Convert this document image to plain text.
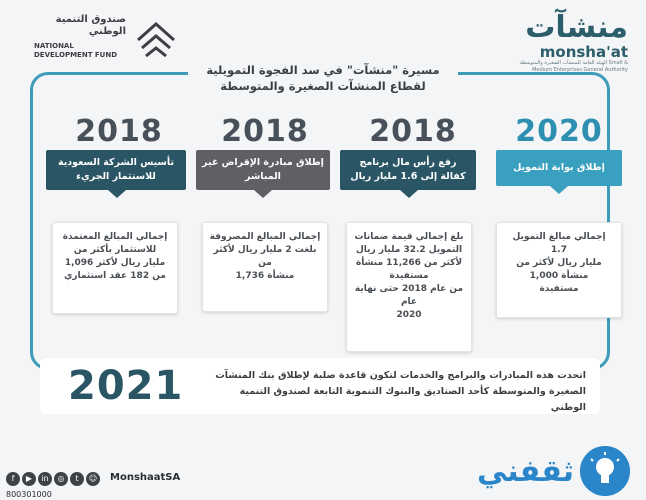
منشآت
monsha'at
الهيئة العامة للمنشآت الصغيرة والمتوسطة Small & Medium Enterprises General Authority
صندوق التنمية الوطني
NATIONAL DEVELOPMENT FUND
مسيرة "منشآت" في سد الفجوة التمويلية
لقطاع المنشآت الصغيرة والمتوسطة
2020
إطلاق بوابة التمويل
إجمالي مبالغ التمويل 1.7
مليار ريال لأكثر من
1,000 منشأة
مستفيدة
2018
رفع رأس مال برنامج كفالة إلى 1.6 مليار ريال
بلغ إجمالي قيمة ضمانات
التمويل 32.2 مليار ريال
لأكثر من 11,266 منشأة
مستفيدة
من عام 2018 حتى نهاية عام
2020
2018
إطلاق مبادرة الإقراض غير المباشر
إجمالي المبالغ المصروفة
بلغت 2 مليار ريال لأكثر من
1,736 منشأة
2018
تأسيس الشركة السعودية للاستثمار الجريء
إجمالي المبالغ المعتمدة
للاستثمار بأكثر من
1,096 مليار ريال لأكثر
من 182 عقد استثماري
2021	اتحدت هذه المبادرات والبرامج والخدمات لتكون قاعدة صلبة لإطلاق بنك المنشآت
الصغيرة والمتوسطة كأحد الصناديق والبنوك التنموية التابعة لصندوق التنمية الوطني
f	▶	in	◎	t	☺ MonshaatSA
800301000
ثقفني
